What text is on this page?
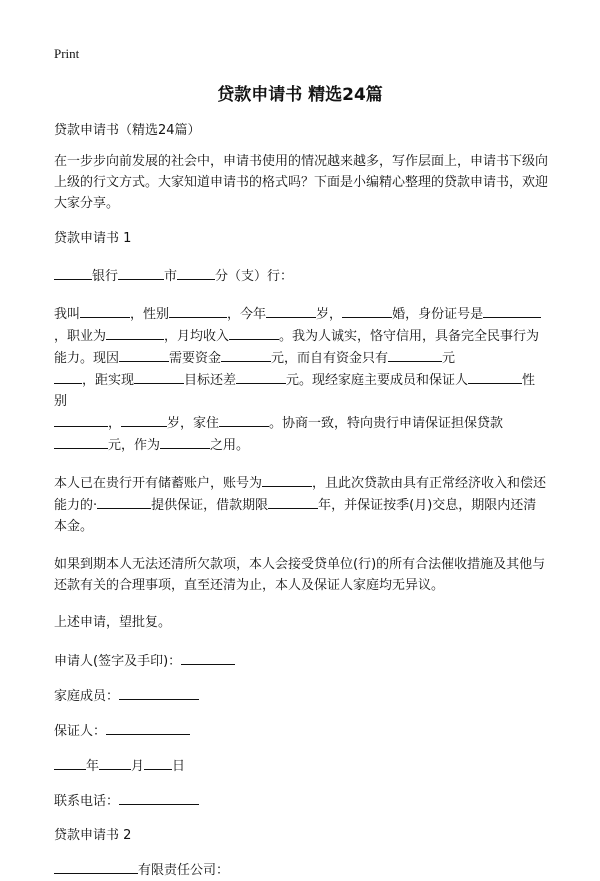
Print
贷款申请书 精选24篇

贷款申请书（精选24篇）

在一步步向前发展的社会中，申请书使用的情况越来越多，写作层面上，申请书下级向上级的行文方式。大家知道申请书的格式吗？下面是小编精心整理的贷款申请书，欢迎大家分享。

贷款申请书 1

银行	市	分（支）行：

我叫	，性别	，今年	岁，	婚，身份证号是，职业为	，月均收入	。我为人诚实，恪守信用，具备完全民事行为能力。现因	需要资金	元，而自有资金只有	元
，距实现	目标还差	元。现经家庭主要成员和保证人	性别
，	岁，家住	。协商一致，特向贵行申请保证担保贷款
元，作为	之用。

本人已在贵行开有储蓄账户，账号为	，且此次贷款由具有正常经济收入和偿还能力的·	提供保证，借款期限	年，并保证按季(月)交息，期限内还清本金。

如果到期本人无法还清所欠款项，本人会接受贷单位(行)的所有合法催收措施及其他与还款有关的合理事项，直至还清为止，本人及保证人家庭均无异议。

上述申请，望批复。

申请人(签字及手印)：

家庭成员：

保证人：

年 月 日

联系电话：

贷款申请书 2

有限责任公司：
